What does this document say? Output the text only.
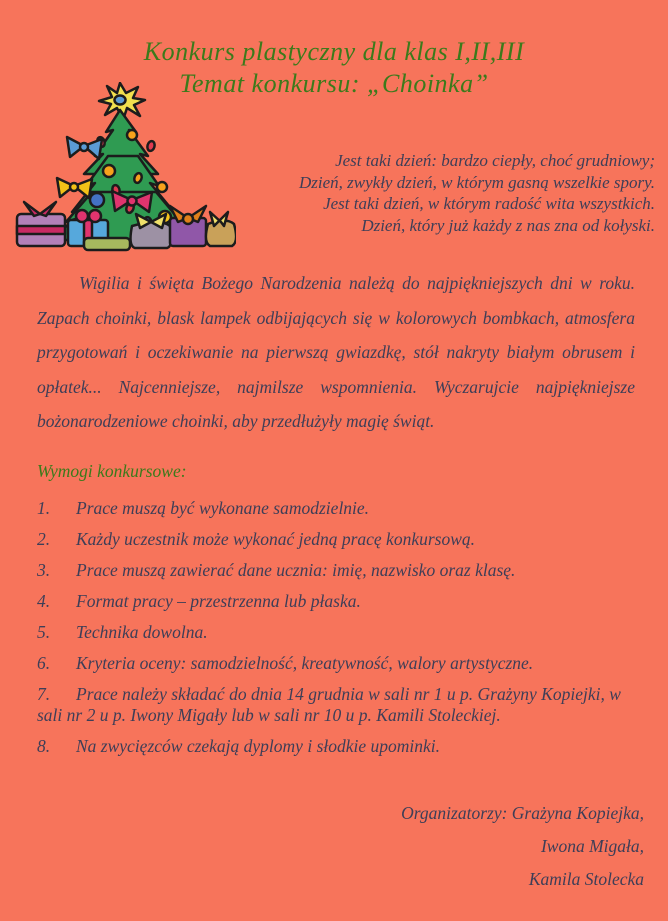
Konkurs plastyczny dla klas I,II,III
Temat konkursu: „Choinka”
Jest taki dzień: bardzo ciepły, choć grudniowy;
Dzień, zwykły dzień, w którym gasną wszelkie spory.
Jest taki dzień, w którym radość wita wszystkich.
Dzień, który już każdy z nas zna od kołyski.

Wigilia i święta Bożego Narodzenia należą do najpiękniejszych dni w roku. Zapach choinki, blask lampek odbijających się w kolorowych bombkach, atmosfera przygotowań i oczekiwanie na pierwszą gwiazdkę, stół nakryty białym obrusem i opłatek... Najcenniejsze, najmilsze wspomnienia. Wyczarujcie najpiękniejsze bożonarodzeniowe choinki, aby przedłużyły magię świąt.

Wymogi konkursowe:
1. Prace muszą być wykonane samodzielnie.
2. Każdy uczestnik może wykonać jedną pracę konkursową.
3. Prace muszą zawierać dane ucznia: imię, nazwisko oraz klasę.
4. Format pracy – przestrzenna lub płaska.
5. Technika dowolna.
6. Kryteria oceny: samodzielność, kreatywność, walory artystyczne.
7. Prace należy składać do dnia 14 grudnia w sali nr 1 u p. Grażyny Kopiejki, w sali nr 2 u p. Iwony Migały lub w sali nr 10 u p. Kamili Stoleckiej.
8. Na zwycięzców czekają dyplomy i słodkie upominki.
Organizatorzy: Grażyna Kopiejka,
Iwona Migała,
Kamila Stolecka
